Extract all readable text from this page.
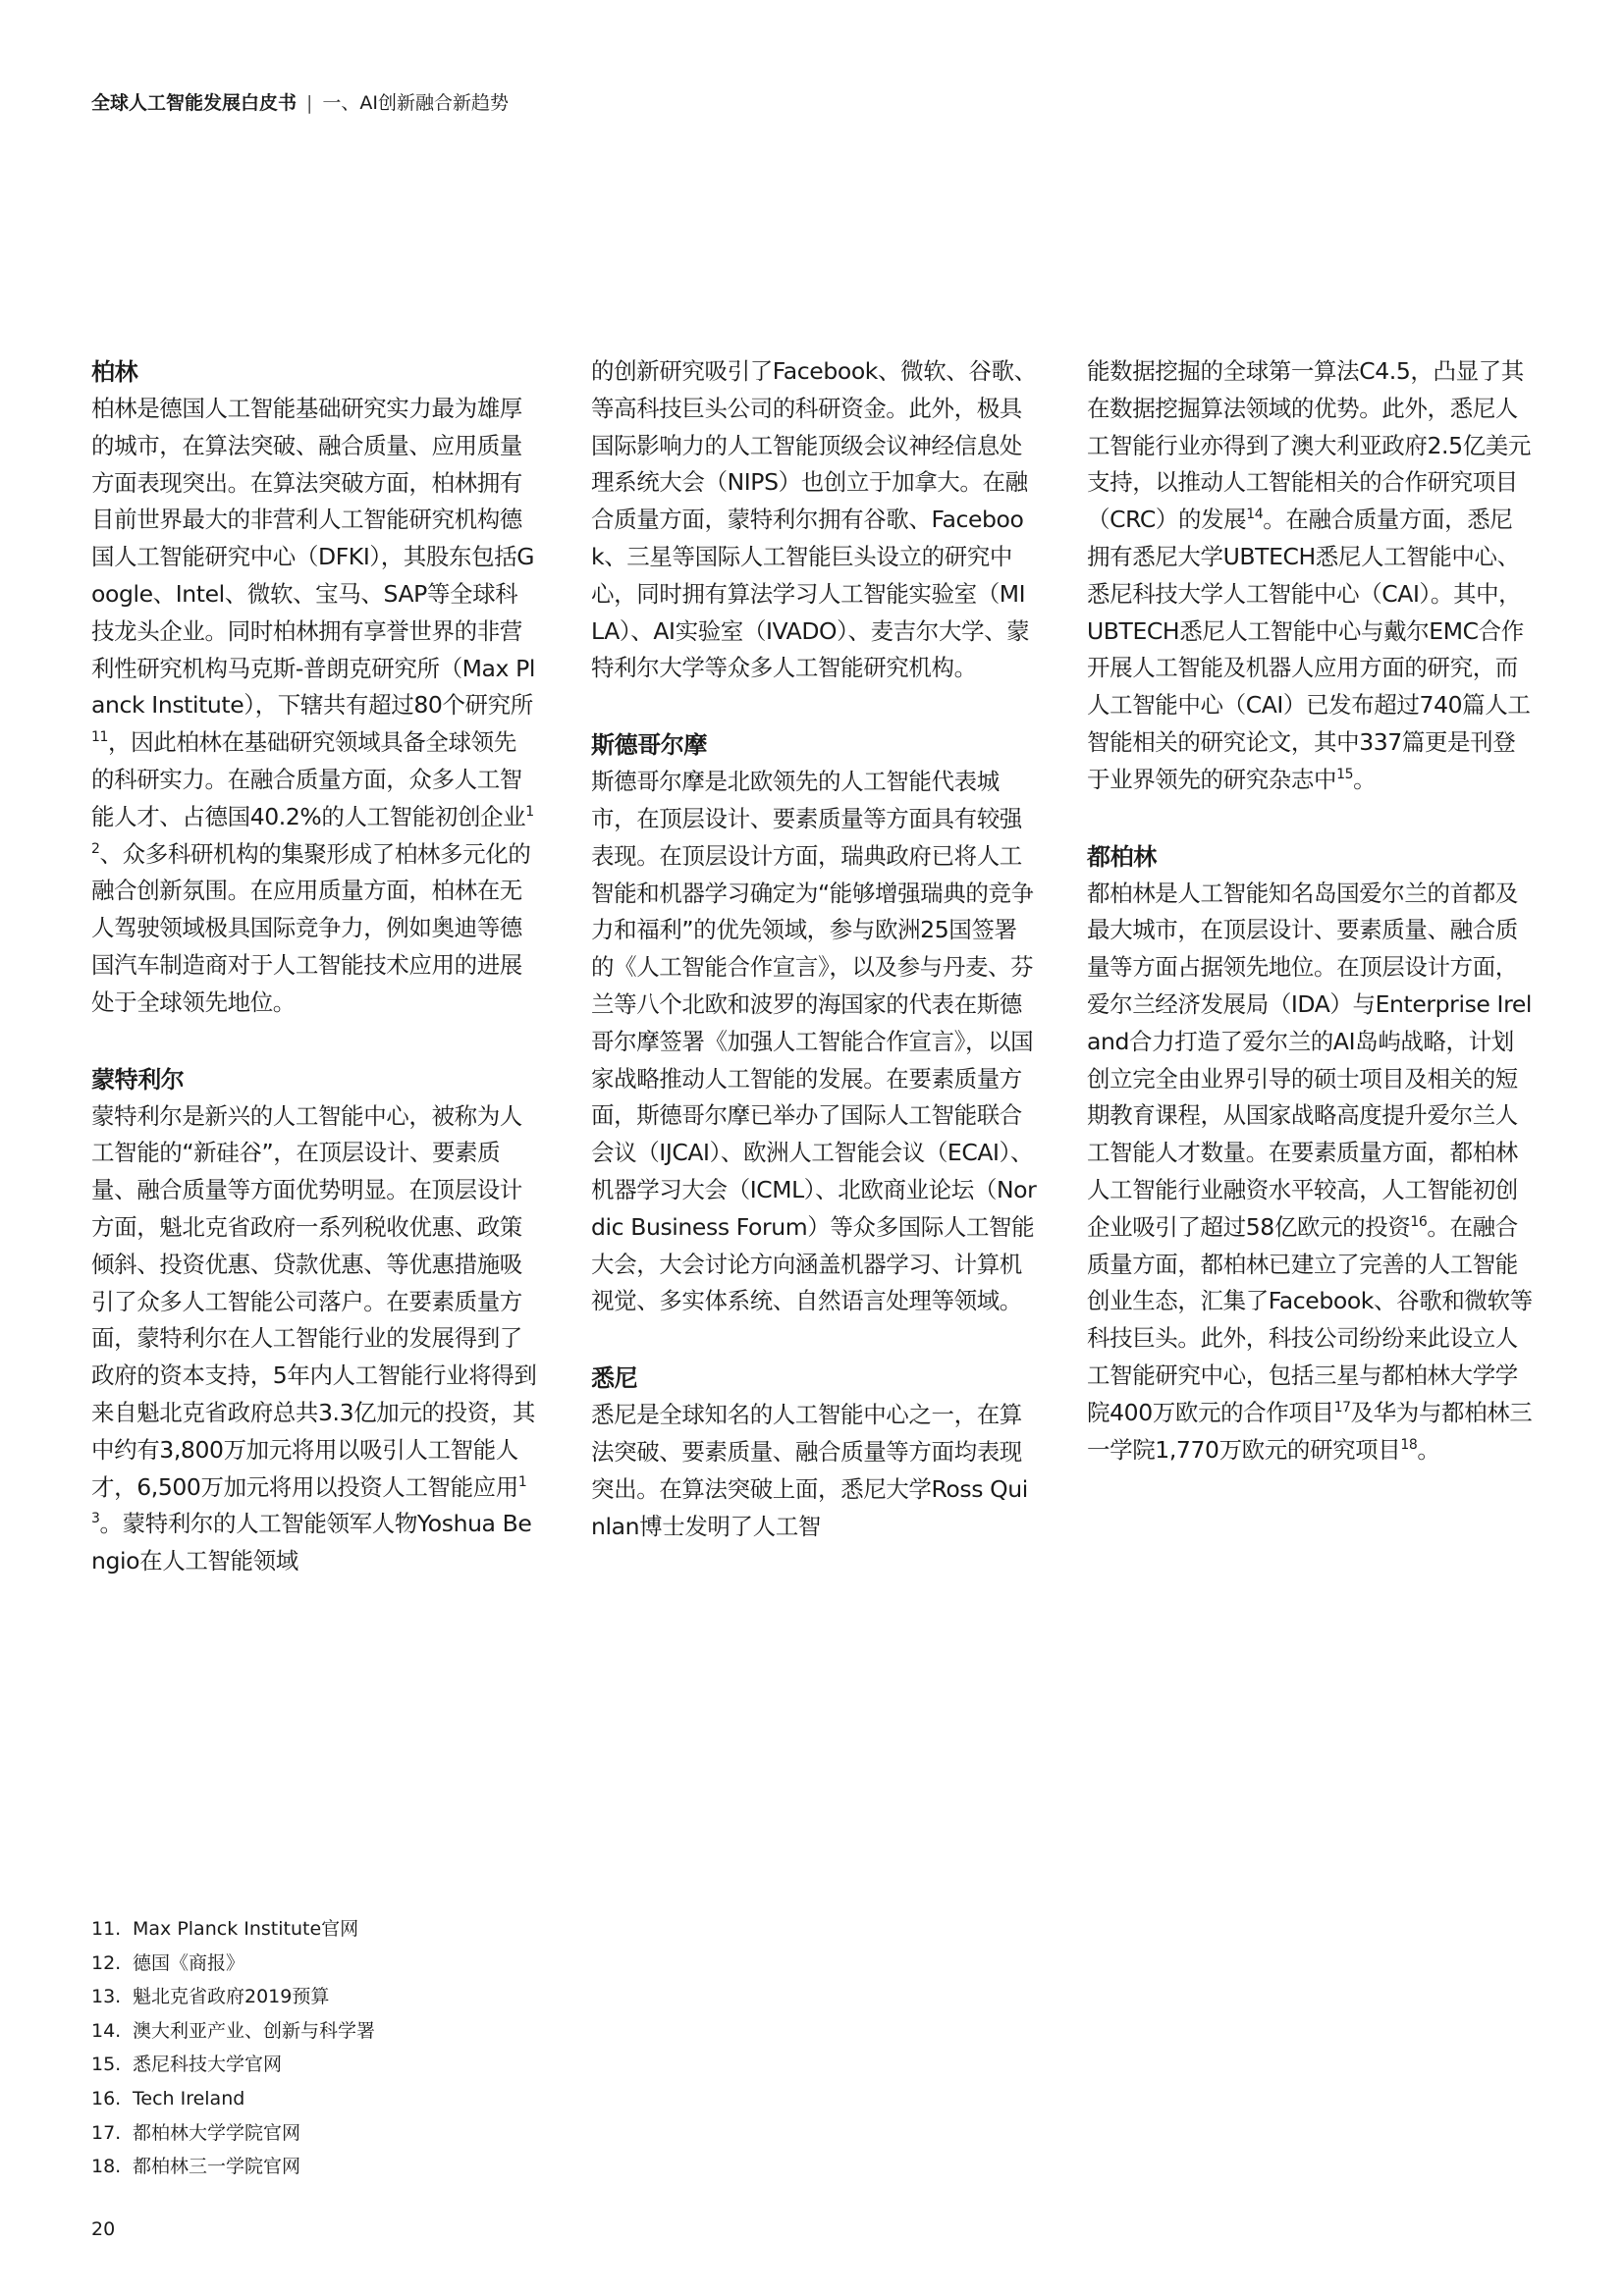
全球人工智能发展白皮书 | 一、AI创新融合新趋势
柏林

柏林是德国人工智能基础研究实力最为雄厚的城市，在算法突破、融合质量、应用质量方面表现突出。在算法突破方面，柏林拥有目前世界最大的非营利人工智能研究机构德国人工智能研究中心（DFKI），其股东包括Google、Intel、微软、宝马、SAP等全球科技龙头企业。同时柏林拥有享誉世界的非营利性研究机构马克斯-普朗克研究所（Max Planck Institute），下辖共有超过80个研究所$^{11}$，因此柏林在基础研究领域具备全球领先的科研实力。在融合质量方面，众多人工智能人才、占德国40.2%的人工智能初创企业$^{12}$、众多科研机构的集聚形成了柏林多元化的融合创新氛围。在应用质量方面，柏林在无人驾驶领域极具国际竞争力，例如奥迪等德国汽车制造商对于人工智能技术应用的进展处于全球领先地位。

蒙特利尔

蒙特利尔是新兴的人工智能中心，被称为人工智能的“新硅谷”，在顶层设计、要素质量、融合质量等方面优势明显。在顶层设计方面，魁北克省政府一系列税收优惠、政策倾斜、投资优惠、贷款优惠、等优惠措施吸引了众多人工智能公司落户。在要素质量方面，蒙特利尔在人工智能行业的发展得到了政府的资本支持，5年内人工智能行业将得到来自魁北克省政府总共3.3亿加元的投资，其中约有3,800万加元将用以吸引人工智能人才，6,500万加元将用以投资人工智能应用$^{13}$。蒙特利尔的人工智能领军人物Yoshua Bengio在人工智能领域

的创新研究吸引了Facebook、微软、谷歌、等高科技巨头公司的科研资金。此外，极具国际影响力的人工智能顶级会议神经信息处理系统大会（NIPS）也创立于加拿大。在融合质量方面，蒙特利尔拥有谷歌、Facebook、三星等国际人工智能巨头设立的研究中心，同时拥有算法学习人工智能实验室（MILA）、AI实验室（IVADO）、麦吉尔大学、蒙特利尔大学等众多人工智能研究机构。

斯德哥尔摩

斯德哥尔摩是北欧领先的人工智能代表城市，在顶层设计、要素质量等方面具有较强表现。在顶层设计方面，瑞典政府已将人工智能和机器学习确定为“能够增强瑞典的竞争力和福利”的优先领域，参与欧洲25国签署的《人工智能合作宣言》，以及参与丹麦、芬兰等八个北欧和波罗的海国家的代表在斯德哥尔摩签署《加强人工智能合作宣言》，以国家战略推动人工智能的发展。在要素质量方面，斯德哥尔摩已举办了国际人工智能联合会议（IJCAI）、欧洲人工智能会议（ECAI）、机器学习大会（ICML）、北欧商业论坛（Nordic Business Forum）等众多国际人工智能大会，大会讨论方向涵盖机器学习、计算机视觉、多实体系统、自然语言处理等领域。

悉尼

悉尼是全球知名的人工智能中心之一，在算法突破、要素质量、融合质量等方面均表现突出。在算法突破上面，悉尼大学Ross Quinlan博士发明了人工智

能数据挖掘的全球第一算法C4.5，凸显了其在数据挖掘算法领域的优势。此外，悉尼人工智能行业亦得到了澳大利亚政府2.5亿美元支持，以推动人工智能相关的合作研究项目（CRC）的发展$^{14}$。在融合质量方面，悉尼拥有悉尼大学UBTECH悉尼人工智能中心、悉尼科技大学人工智能中心（CAI）。其中，UBTECH悉尼人工智能中心与戴尔EMC合作开展人工智能及机器人应用方面的研究，而人工智能中心（CAI）已发布超过740篇人工智能相关的研究论文，其中337篇更是刊登于业界领先的研究杂志中$^{15}$。

都柏林

都柏林是人工智能知名岛国爱尔兰的首都及最大城市，在顶层设计、要素质量、融合质量等方面占据领先地位。在顶层设计方面，爱尔兰经济发展局（IDA）与Enterprise Ireland合力打造了爱尔兰的AI岛屿战略，计划创立完全由业界引导的硕士项目及相关的短期教育课程，从国家战略高度提升爱尔兰人工智能人才数量。在要素质量方面，都柏林人工智能行业融资水平较高，人工智能初创企业吸引了超过58亿欧元的投资$^{16}$。在融合质量方面，都柏林已建立了完善的人工智能创业生态，汇集了Facebook、谷歌和微软等科技巨头。此外，科技公司纷纷来此设立人工智能研究中心，包括三星与都柏林大学学院400万欧元的合作项目$^{17}$及华为与都柏林三一学院1,770万欧元的研究项目$^{18}$。

11. Max Planck Institute官网
12. 德国《商报》
13. 魁北克省政府2019预算
14. 澳大利亚产业、创新与科学署
15. 悉尼科技大学官网
16. Tech Ireland
17. 都柏林大学学院官网
18. 都柏林三一学院官网
20
